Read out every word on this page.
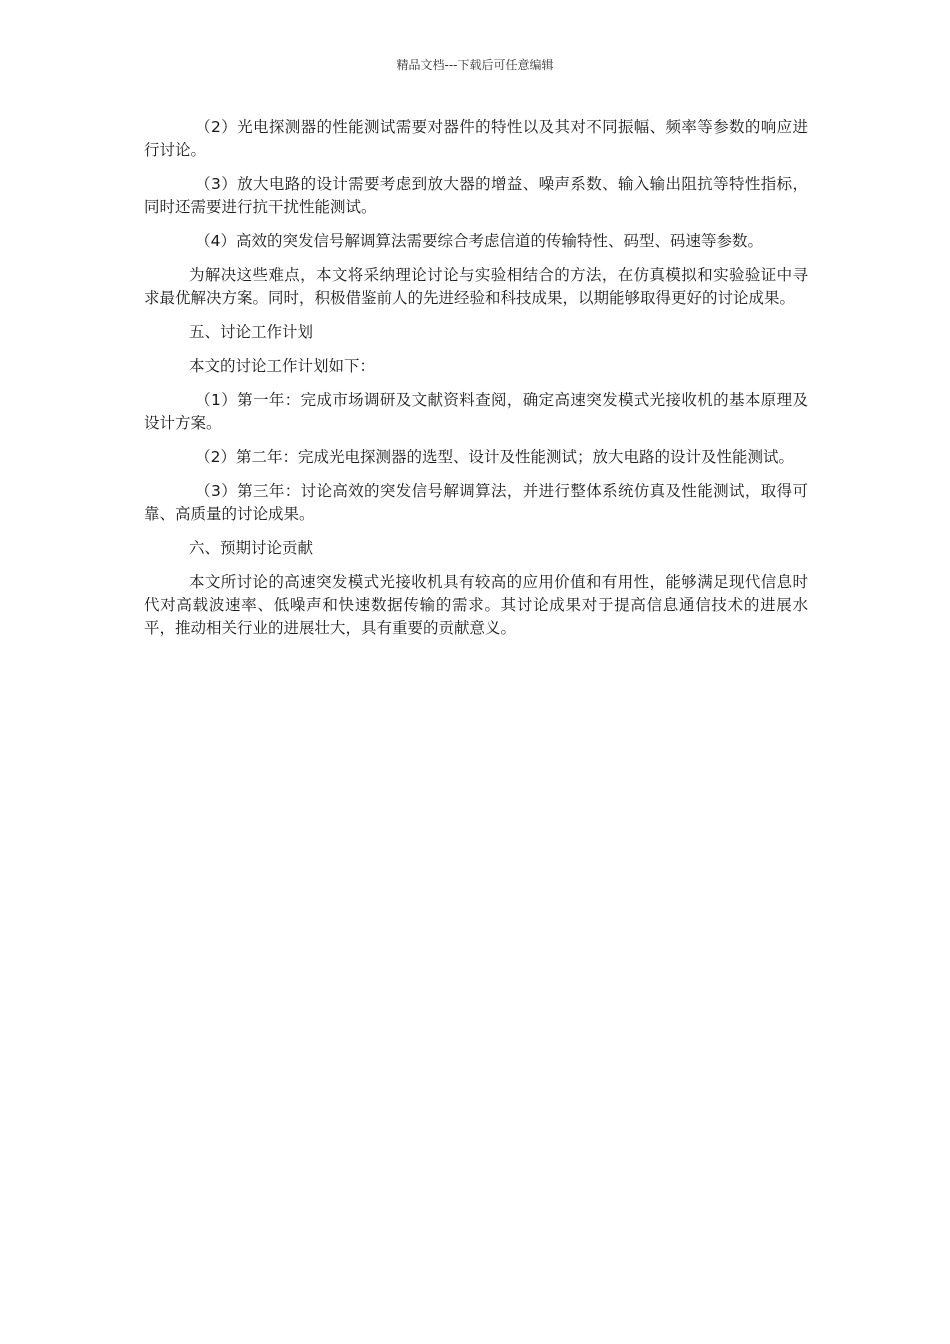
精品文档---下载后可任意编辑

（2）光电探测器的性能测试需要对器件的特性以及其对不同振幅、频率等参数的响应进行讨论。

（3）放大电路的设计需要考虑到放大器的增益、噪声系数、输入输出阻抗等特性指标，同时还需要进行抗干扰性能测试。

（4）高效的突发信号解调算法需要综合考虑信道的传输特性、码型、码速等参数。

为解决这些难点，本文将采纳理论讨论与实验相结合的方法，在仿真模拟和实验验证中寻求最优解决方案。同时，积极借鉴前人的先进经验和科技成果，以期能够取得更好的讨论成果。

五、讨论工作计划

本文的讨论工作计划如下：

（1）第一年：完成市场调研及文献资料查阅，确定高速突发模式光接收机的基本原理及设计方案。

（2）第二年：完成光电探测器的选型、设计及性能测试；放大电路的设计及性能测试。

（3）第三年：讨论高效的突发信号解调算法，并进行整体系统仿真及性能测试，取得可靠、高质量的讨论成果。

六、预期讨论贡献

本文所讨论的高速突发模式光接收机具有较高的应用价值和有用性，能够满足现代信息时代对高载波速率、低噪声和快速数据传输的需求。其讨论成果对于提高信息通信技术的进展水平，推动相关行业的进展壮大，具有重要的贡献意义。
